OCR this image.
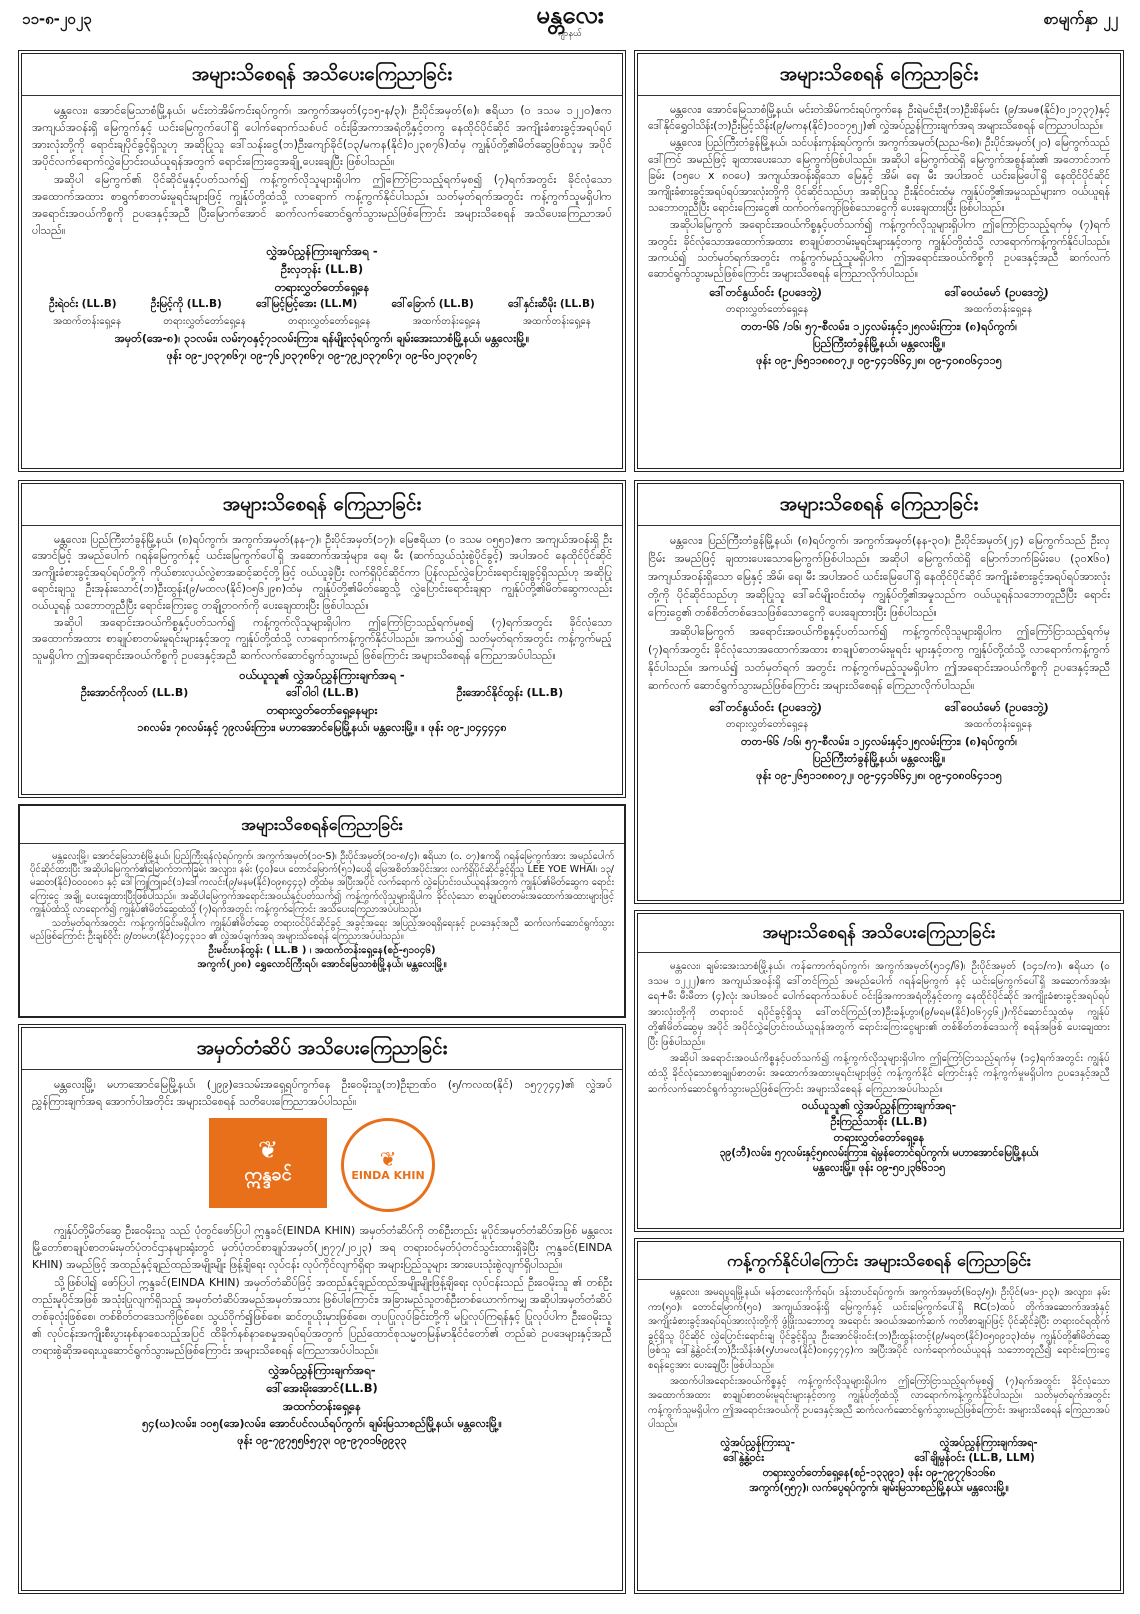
၁၁-၈-၂၀၂၃	မန္တလေး
ဂျာနယ်
စာမျက်နှာ ၂၂
အများသိစေရန် အသိပေးကြေညာခြင်း

မန္တလေး၊ အောင်မြေသာစံမြို့နယ်၊ မင်းတဲအိမ်ကင်းရပ်ကွက်၊ အကွက်အမှတ်(၄၁၅-န/၃)၊ ဦးပိုင်အမှတ်(၈)၊ ဧရိယာ (၀ ဒသမ ၁၂၂၀)ဧက အကျယ်အဝန်းရှိ မြေကွက်နှင့် ယင်းမြေကွက်ပေါ်ရှိ ပေါက်ရောက်သစ်ပင် ဝင်းခြံအကာအရံတို့နှင့်တကွ နေထိုင်ပိုင်ဆိုင် အကျိုးခံစားခွင့်အရပ်ရပ်အားလုံးတို့ကို ရောင်းချပိုင်ခွင့်ရှိသူဟု အဆိုပြုသူ ဒေါ်သန်းငွေ(ဘ)ဦးကျော်ခိုင်(၁၃/မကန(နိုင်)၀၂၃၈၇၆)ထံမှ ကျွန်ုပ်တို့၏မိတ်ဆွေဖြစ်သူမှ အပိုင် အပိုင်လက်ရောက်လွှဲပြောင်းဝယ်ယူရန်အတွက် ရောင်းကြေးငွေအချို့ ပေးချေပြီး ဖြစ်ပါသည်။

အဆိုပါ မြေကွက်၏ ပိုင်ဆိုင်မှုနှင့်ပတ်သက်၍ ကန့်ကွက်လိုသူများရှိပါက ဤကြော်ငြာသည့်ရက်မှစ၍ (၇)ရက်အတွင်း ခိုင်လုံသော အထောက်အထား စာရွက်စာတမ်းမူရင်းများဖြင့် ကျွန်ုပ်တို့ထံသို့ လာရောက် ကန့်ကွက်နိုင်ပါသည်။ သတ်မှတ်ရက်အတွင်း ကန့်ကွက်သူမရှိပါက အရောင်းအဝယ်ကိစ္စကို ဥပဒေနှင့်အညီ ပြီးမြောက်အောင် ဆက်လက်ဆောင်ရွက်သွားမည်ဖြစ်ကြောင်း အများသိစေရန် အသိပေးကြေညာအပ်ပါသည်။

လွှဲအပ်ညွှန်ကြားချက်အရ -
ဦးလှဘုန်း (LL.B)
တရားလွှတ်တော်ရှေ့နေ
ဦးရဲဝင်း (LL.B)	ဦးမြင့်ကို (LL.B)	ဒေါ်မြင့်မြင့်အေး (LL.M)	ဒေါ်ခြောက် (LL.B)	ဒေါ်နှင်းဆီမိုး (LL.B)
အထက်တန်းရှေ့နေ	တရားလွှတ်တော်ရှေ့နေ	တရားလွှတ်တော်ရှေ့နေ	အထက်တန်းရှေ့နေ	အထက်တန်းရှေ့နေ
အမှတ်(အေ-၈)၊ ၃၁လမ်း၊ လမ်း၇၀နှင့်၇၁လမ်းကြား၊ ရန်မျိုးလုံရပ်ကွက်၊ ချမ်းအေးသာစံမြို့နယ်၊ မန္တလေးမြို့။
ဖုန်း ၀၉-၂၀၃၇၈၆၇၊ ၀၉-၇၆၂၀၃၇၈၆၇၊ ၀၉-၇၉၂၀၃၇၈၆၇၊ ၀၉-၆၀၂၀၃၇၈၆၇
အများသိစေရန် ကြေညာခြင်း

မန္တလေး၊ အောင်မြေသာစံမြို့နယ်၊ မင်းတဲအိမ်ကင်းရပ်ကွက်နေ ဦးရဲမင်းဦး(ဘ)ဦးစိန်မင်း (၉/အမဇ(နိုင်)၀၂၁၇၃၇)နှင့် ဒေါ်နိုင်ရွှေဝါသိန်း(ဘ)ဦးမြင့်သိန်း(၉/မကန(နိုင်)၁၀၁၇၅၂)၏ လွှဲအပ်ညွှန်ကြားချက်အရ အများသိစေရန် ကြေညာပါသည်။

မန္တလေး၊ ပြည်ကြီးတံခွန်မြို့နယ်၊ သင်ပန်းကုန်းရပ်ကွက်၊ အကွက်အမှတ်(ညည-၆၈)၊ ဦးပိုင်အမှတ်(၂၀) မြေကွက်သည် ဒေါ်ကြင် အမည်ဖြင့် ချထားပေးသော မြေကွက်ဖြစ်ပါသည်။ အဆိုပါ မြေကွက်ထဲရှိ မြေကွက်အစွန်ဆုံး၏ အတောင်ဘက်ခြမ်း (၁၅ပေ x ၈၀ပေ) အကျယ်အဝန်းရှိသော မြေနှင့် အိမ်၊ ရေ၊ မီး အပါအဝင် ယင်းမြေပေါ်ရှိ နေထိုင်ပိုင်ဆိုင် အကျိုးခံစားခွင့်အရပ်ရပ်အားလုံးတို့ကို ပိုင်ဆိုင်သည်ဟု အဆိုပြုသူ ဦးနိုင်ဝင်းထံမှ ကျွန်ုပ်တို့၏အမှုသည်များက ဝယ်ယူရန်သဘောတူညီပြီး ရောင်းကြေးငွေ၏ ထက်ဝက်ကျော်ဖြစ်သောငွေကို ပေးချေထားပြီး ဖြစ်ပါသည်။

အဆိုပါမြေကွက် အရောင်းအဝယ်ကိစ္စနှင့်ပတ်သက်၍ ကန့်ကွက်လိုသူများရှိပါက ဤကြော်ငြာသည့်ရက်မှ (၇)ရက်အတွင်း ခိုင်လုံသောအထောက်အထား စာချုပ်စာတမ်းမူရင်းများနှင့်တကွ ကျွန်ုပ်တို့ထံသို့ လာရောက်ကန့်ကွက်နိုင်ပါသည်။ အကယ်၍ သတ်မှတ်ရက်အတွင်း ကန့်ကွက်မည့်သူမရှိပါက ဤအရောင်းအဝယ်ကိစ္စကို ဥပဒေနှင့်အညီ ဆက်လက်ဆောင်ရွက်သွားမည်ဖြစ်ကြောင်း အများသိစေရန် ကြေညာလိုက်ပါသည်။

ဒေါ်တင်နွယ်ဝင်း (ဥပဒေဘွဲ့)	ဒေါ်ဝေယံမော် (ဥပဒေဘွဲ့)
တရားလွှတ်တော်ရှေ့နေ	အထက်တန်းရှေ့နေ
တတ-၆၆ /၁၆၊ ၅၇-စီလမ်း၊ ၁၂၄လမ်းနှင့်၁၂၅လမ်းကြား၊ (၈)ရပ်ကွက်၊
ပြည်ကြီးတံခွန်မြို့နယ်၊ မန္တလေးမြို့။
ဖုန်း ၀၉-၂၆၅၁၁၈၈၀၇၂၊ ၀၉-၄၄၁၆၆၄၂၈၊ ၀၉-၄၀၈၀၆၄၁၁၅
အများသိစေရန် ကြေညာခြင်း

မန္တလေး၊ ပြည်ကြီးတံခွန်မြို့နယ်၊ (၈)ရပ်ကွက်၊ အကွက်အမှတ်(နန-၇)၊ ဦးပိုင်အမှတ်(၁၇)၊ မြေဧရိယာ (၀ ဒသမ ၀၅၅၁)ဧက အကျယ်အဝန်းရှိ ဦးအောင်မြင့် အမည်ပေါက် ဂရန်မြေကွက်နှင့် ယင်းမြေကွက်ပေါ်ရှိ အဆောက်အအုံများ၊ ရေ၊ မီး (ဆက်သွယ်သုံးစွဲပိုင်ခွင့်) အပါအဝင် နေထိုင်ပိုင်ဆိုင် အကျိုးခံစားခွင့်အရပ်ရပ်တို့ကို ကိုယ်စားလှယ်လွှဲစာအဆင့်ဆင့်တို့ဖြင့် ဝယ်ယူခဲ့ပြီး လက်ရှိပိုင်ဆိုင်ကာ ပြန်လည်လွှဲပြောင်းရောင်းချခွင့်ရှိသည်ဟု အဆိုပြု ရောင်းချသူ ဦးအုန်းသောင်(ဘ)ဦးထွန်း(၉/မထလ(နိုင်)၀၅၆၂၉၈)ထံမှ ကျွန်ုပ်တို့၏မိတ်ဆွေသို့ လွှဲပြောင်းရောင်းချရာ ကျွန်ုပ်တို့၏မိတ်ဆွေကလည်း ဝယ်ယူရန် သဘောတူညီပြီး ရောင်းကြေးငွေ တချို့တဝက်ကို ပေးချေထားပြီး ဖြစ်ပါသည်။

အဆိုပါ အရောင်းအဝယ်ကိစ္စနှင့်ပတ်သက်၍ ကန့်ကွက်လိုသူများရှိပါက ဤကြော်ငြာသည့်ရက်မှစ၍ (၇)ရက်အတွင်း ခိုင်လုံသော အထောက်အထား စာချုပ်စာတမ်းမူရင်းများနှင့်အတူ ကျွန်ုပ်တို့ထံသို့ လာရောက်ကန့်ကွက်နိုင်ပါသည်။ အကယ်၍ သတ်မှတ်ရက်အတွင်း ကန့်ကွက်မည့်သူမရှိပါက ဤအရောင်းအဝယ်ကိစ္စကို ဥပဒေနှင့်အညီ ဆက်လက်ဆောင်ရွက်သွားမည် ဖြစ်ကြောင်း အများသိစေရန် ကြေညာအပ်ပါသည်။

ဝယ်ယူသူ၏ လွှဲအပ်ညွှန်ကြားချက်အရ -
ဦးအောင်ကိုလတ် (LL.B)	ဒေါ်ဝါဝါ (LL.B)	ဦးအောင်နိုင်ထွန်း (LL.B)
တရားလွှတ်တော်ရှေ့နေများ
၁၈လမ်း၊ ၇၈လမ်းနှင့် ၇၉လမ်းကြား၊ မဟာအောင်မြေမြို့နယ်၊ မန္တလေးမြို့။ ။ ဖုန်း ၀၉-၂၀၄၄၄၄၈
အများသိစေရန်ကြေညာခြင်း

မန္တလေးမြို့၊ အောင်မြေသာစံမြို့နယ်၊ ပြည်ကြီးရန်လုံရပ်ကွက်၊ အကွက်အမှတ်(၁၀-S)၊ ဦးပိုင်အမှတ်(၁၀-၈/၄)၊ ဧရိယာ (၀. ၀၇)ဧကရှိ ဂရန်မြေကွက်အား အမည်ပေါက်ပိုင်ဆိုင်ထားပြီး အဆိုပါမြေကွက်၏မြောက်ဘက်ခြမ်း အလျား၊ နမ်း (၄၀)ပေ၊ တောင်မြောက်(၅၁)ပေရှိ မြေအစိတ်အပိုင်းအား လက်ရှိပိုင်ဆိုင်ခွင့်ရှိသူ LEE YOE WHAI၊ ၁၃/မဆတ(နိုင်)၀၀၀၀၈၁ နှင့် ဒေါ်ကြူကြူခင်(၁)ဒေါ်ကလင်း(၉/မနမ(နိုင်)၀၉၈၄၄၃) တို့ထံမှ အပြီးအပိုင် လက်ရောက် လွှဲပြောင်းဝယ်ယူရန်အတွက် ကျွန်ုပ်၏မိတ်ဆွေက ရောင်းကြေးငွေ အချို့ ပေးချေထားပြီးဖြစ်ပါသည်။ အဆိုပါမြေကွက်အရောင်းအဝယ်နှင့်ပတ်သက်၍ ကန့်ကွက်လိုသူများရှိပါက ခိုင်လုံသော စာချုပ်စာတမ်းအထောက်အထားများဖြင့် ကျွန်ုပ်ထံသို့ လာရောက်၍ ကျွန်ုပ်၏မိတ်ဆွေထံသို့ (၇)ရက်အတွင်း ကန့်ကွက်ကြောင်း အသိပေးကြေညာအပ်ပါသည်။

သတ်မှတ်ရက်အတွင်း ကန့်ကွက်ခြင်းမရှိပါက ကျွန်ုပ်၏မိတ်ဆွေ တရားဝင်ပိုင်ဆိုင်ခွင့် အခွင့်အရေး အပြည့်အဝရရှိရေးနှင့် ဥပဒေနှင့်အညီ ဆက်လက်ဆောင်ရွက်သွားမည်ဖြစ်ကြောင်း ဦးချစ်ဝိုင်း ၉/တမဟ(နိုင်)၀၄၄၃၁၁ ၏ လွှဲအပ်ချက်အရ အများသိစေရန် ကြေညာအပ်ပါသည်။

ဦးမင်းဟန်ထွန်း ( LL.B ) ၊ အထက်တန်းရှေ့နေ(စဉ်-၅၁၀၄၆)
အကွက်(၂၀၈) ရွှေလောင်ကြီးရပ်၊ အောင်မြေသာစံမြို့နယ်၊ မန္တလေးမြို့။
အမှတ်တံဆိပ် အသိပေးကြေညာခြင်း

မန္တလေးမြို့၊ မဟာအောင်မြေမြို့နယ်၊ (၂၉၉)ဒေသမ်းအရှေ့ရပ်ကွက်နေ ဦးဝေမိုးသူ(ဘ)ဦးဉာဏ်ဝ (၅/ကလထ(နိုင်) ၁၅၇၇၄၄)၏ လွှဲအပ်ညွှန်ကြားချက်အရ အောက်ပါအတိုင်း အများသိစေရန် သတိပေးကြေညာအပ်ပါသည်။

❦
ဣန္ဒခင်
❦
EINDA KHIN

ကျွန်ုပ်တို့မိတ်ဆွေ ဦးဝေမိုးသူ သည် ပုံတွင်ဖော်ပြပါ ဣန္ဒခင်(EINDA KHIN) အမှတ်တံဆိပ်ကို တစ်ဦးတည်း မူပိုင်အမှတ်တံဆိပ်အဖြစ် မန္တလေးမြို့တော်စာချုပ်စာတမ်းမှတ်ပုံတင်ဌာနများရုံးတွင် မှတ်ပုံတင်စာချုပ်အမှတ်(၂၅၇၇/၂၀၂၃) အရ တရားဝင်မှတ်ပုံတင်သွင်းထားရှိခဲ့ပြီး ဣန္ဒခင်(EINDA KHIN) အမည်ဖြင့် အထည်နှင့်ချည်ထည်အမျိုးမျိုး ဖြန့်ချိရေး လုပ်ငန်း လုပ်ကိုင်လျက်ရှိရာ အများပြည်သူများ အားပေးသုံးစွဲလျက်ရှိပါသည်။

သို့ဖြစ်ပါ၍ ဖော်ပြပါ ဣန္ဒခင်(EINDA KHIN) အမှတ်တံဆိပ်ဖြင့် အထည်နှင့်ချည်ထည်အမျိုးမျိုးဖြန့်ချိရေး လုပ်ငန်းသည် ဦးဝေမိုးသူ ၏ တစ်ဦးတည်းမူပိုင်အဖြစ် အသုံးပြုလျက်ရှိသည့် အမှတ်တံဆိပ်အမည်အမှတ်အသား ဖြစ်ပါကြောင်း၊ အခြားမည်သူတစ်ဦးတစ်ယောက်ကမျှ အဆိုပါအမှတ်တံဆိပ်တစ်ခုလုံးဖြစ်စေ၊ တစ်စိတ်တဒေသကိုဖြစ်စေ၊ သွယ်ဝိုက်၍ဖြစ်စေ၊ ဆင်တူယိုးမှားဖြစ်စေ၊ တုပပြုလုပ်ခြင်းတို့ကို မပြုလုပ်ကြရန်နှင့် ပြုလုပ်ပါက ဦးဝေမိုးသူ ၏ လုပ်ငန်းအကျိုးစီးပွားနစ်နာစေသည့်အပြင် ထိခိုက်နစ်နာစေမှုအရပ်ရပ်အတွက် ပြည်ထောင်စုသမ္မတမြန်မာနိုင်ငံတော်၏ တည်ဆဲ ဥပဒေများနှင့်အညီ တရားစွဲဆိုအရေးယူဆောင်ရွက်သွားမည်ဖြစ်ကြောင်း အများသိစေရန် ကြေညာအပ်ပါသည်။

လွှဲအပ်ညွှန်ကြားချက်အရ-
ဒေါ်အေးမိုးအောင်(LL.B)
အထက်တန်းရှေ့နေ
၅၄(ဃ)လမ်း၊ ၁၀၅(အေ)လမ်း၊ အောင်ပင်လယ်ရပ်ကွက်၊ ချမ်းမြသာစည်မြို့နယ်၊ မန္တလေးမြို့။
ဖုန်း ၀၉-၇၉၇၅၅၆၅၇၃၊ ၀၉-၉၇၀၁၆၉၉၃၃
အများသိစေရန် ကြေညာခြင်း

မန္တလေး၊ ပြည်ကြီးတံခွန်မြို့နယ်၊ (၈)ရပ်ကွက်၊ အကွက်အမှတ်(နန-၃၀)၊ ဦးပိုင်အမှတ်(၂၄) မြေကွက်သည် ဦးလှငြိမ်း အမည်ဖြင့် ချထားပေးသောမြေကွက်ဖြစ်ပါသည်။ အဆိုပါ မြေကွက်ထဲရှိ မြောက်ဘက်ခြမ်းပေ (၃၀x၆၀) အကျယ်အဝန်းရှိသော မြေနှင့် အိမ်၊ ရေ၊ မီး အပါအဝင် ယင်းမြေပေါ်ရှိ နေထိုင်ပိုင်ဆိုင် အကျိုးခံစားခွင့်အရပ်ရပ်အားလုံးတို့ကို ပိုင်ဆိုင်သည်ဟု အဆိုပြုသူ ဒေါ်ခင်မျိုးဝင်းထံမှ ကျွန်ုပ်တို့၏အမှုသည်က ဝယ်ယူရန်သဘောတူညီပြီး ရောင်းကြေးငွေ၏ တစ်စိတ်တစ်ဒေသဖြစ်သောငွေကို ပေးချေထားပြီး ဖြစ်ပါသည်။

အဆိုပါမြေကွက် အရောင်းအဝယ်ကိစ္စနှင့်ပတ်သက်၍ ကန့်ကွက်လိုသူများရှိပါက ဤကြော်ငြာသည့်ရက်မှ (၇)ရက်အတွင်း ခိုင်လုံသောအထောက်အထား စာချုပ်စာတမ်းမူရင်း များနှင့်တကွ ကျွန်ုပ်တို့ထံသို့ လာရောက်ကန့်ကွက်နိုင်ပါသည်။ အကယ်၍ သတ်မှတ်ရက် အတွင်း ကန့်ကွက်မည့်သူမရှိပါက ဤအရောင်းအဝယ်ကိစ္စကို ဥပဒေနှင့်အညီ ဆက်လက် ဆောင်ရွက်သွားမည်ဖြစ်ကြောင်း အများသိစေရန် ကြေညာလိုက်ပါသည်။

ဒေါ်တင်နွယ်ဝင်း (ဥပဒေဘွဲ့)	ဒေါ်ဝေယံမော် (ဥပဒေဘွဲ့)
တရားလွှတ်တော်ရှေ့နေ	အထက်တန်းရှေ့နေ
တတ-၆၆ /၁၆၊ ၅၇-စီလမ်း၊ ၁၂၄လမ်းနှင့်၁၂၅လမ်းကြား၊ (၈)ရပ်ကွက်၊
ပြည်ကြီးတံခွန်မြို့နယ်၊ မန္တလေးမြို့။
ဖုန်း ၀၉-၂၆၅၁၁၈၈၀၇၂၊ ၀၉-၄၄၁၆၆၄၂၈၊ ၀၉-၄၀၈၀၆၄၁၁၅
အများသိစေရန် အသိပေးကြေညာခြင်း

မန္တလေး၊ ချမ်းအေးသာစံမြို့နယ်၊ ကန်ကောက်ရပ်ကွက်၊ အကွက်အမှတ်(၅၁၄/၆)၊ ဦးပိုင်အမှတ် (၁၄၁/က)၊ ဧရိယာ (၀ ဒသမ ၁၂၂၂)ဧက အကျယ်အဝန်းရှိ ဒေါ်တင်ကြည် အမည်ပေါက် ဂရန်မြေကွက် နှင့် ယင်းမြေကွက်ပေါ်ရှိ အဆောက်အအုံ၊ ရေ+မီး မီးမီတာ (၄)လုံး အပါအဝင် ပေါက်ရောက်သစ်ပင် ဝင်းခြံအကာအရံတို့နှင့်တကွ နေထိုင်ပိုင်ဆိုင် အကျိုးခံစားခွင့်အရပ်ရပ်အားလုံးတို့ကို တရားဝင် ရပိုင်ခွင့်ရှိသူ ဒေါ်တင်ကြည်(ဘ)ဦးခန့်ဟွာ၊(၉/မရမ(နိုင်)၀၆၇၄၆၂)ကိုင်ဆောင်သူထံမှ ကျွန်ုပ်တို့၏မိတ်ဆွေမှ အပိုင် အပိုင်လွှဲပြောင်းဝယ်ယူရန်အတွက် ရောင်းကြေးငွေများ၏ တစ်စိတ်တစ်ဒေသကို စရန်အဖြစ် ပေးချေထားပြီး ဖြစ်ပါသည်။

အဆိုပါ အရောင်းအဝယ်ကိစ္စနှင့်ပတ်သက်၍ ကန့်ကွက်လိုသူများရှိပါက ဤကြော်ငြာသည့်ရက်မှ (၁၄)ရက်အတွင်း ကျွန်ုပ်ထံသို့ ခိုင်လုံသောစာချုပ်စာတမ်း အထောက်အထားမူရင်းများဖြင့် ကန့်ကွက်နိုင် ကြောင်းနှင့် ကန့်ကွက်မှုမရှိပါက ဥပဒေနှင့်အညီ ဆက်လက်ဆောင်ရွက်သွားမည်ဖြစ်ကြောင်း အများသိစေရန် ကြေညာအပ်ပါသည်။

ဝယ်ယူသူ၏ လွှဲအပ်ညွှန်ကြားချက်အရ-
ဦးကြည်သာစိုး (LL.B)
တရားလွှတ်တော်ရှေ့နေ
၃၉(ဘီ)လမ်း၊ ၅၇လမ်းနှင့်၅၈လမ်းကြား၊ ရဲမွန်တောင်ရပ်ကွက်၊ မဟာအောင်မြေမြို့နယ်၊
မန္တလေးမြို့။ ဖုန်း ၀၉-၅၀၂၃၆၆၁၁၅
ကန့်ကွက်နိုင်ပါကြောင်း အများသိစေရန် ကြေညာခြင်း

မန္တလေး၊ အမရပူရမြို့နယ်၊ မန်တလေးကိုက်ရပ်၊ ဒန်းတပင်ရပ်ကွက်၊ အကွက်အမှတ်(၆၀၃/၅)၊ ဦးပိုင်(မဒ-၂၀၃)၊ အလျား၊ နမ်းကာ(၅၀)၊ တောင်မြောက်(၅၀) အကျယ်အဝန်းရှိ မြေကွက်နှင့် ယင်းမြေကွက်ပေါ်ရှိ RC(၁)ထပ် တိုက်အဆောက်အအုံနှင့် အကျိုးခံစားခွင့်အရပ်ရပ်အားလုံးတို့ကို ဖွံဖြိုးသဘောတူ အရောင်း အဝယ်အဆက်ဆက် ကတိစာချုပ်ဖြင့် ပိုင်ဆိုင်ခဲ့ပြီး တရားဝင်ရထိုက်ခွင့်ရှိသူ ပိုင်ဆိုင် လွှဲပြောင်းရောင်းချ ပိုင်ခွင့်ရှိသူ ဦးအောင်မိုးဝင်း(ဘ)ဦးထွန်းတင့်(၉/မရတ(နိုင်)၀၅၀၉၁၃)ထံမှ ကျွန်ုပ်တို့၏မိတ်ဆွေဖြစ်သူ ဒေါ်နွဲ့နွဲ့ဝင်း(ဘ)ဦးသိန်းဇံ(၅/ဟမလ(နိုင်)၀၈၄၄၇၄)က အပြီးအပိုင် လက်ရောက်ဝယ်ယူရန် သဘောတူညီ၍ ရောင်းကြေးငွေ စရန်ငွေအား ပေးချေပြီး ဖြစ်ပါသည်။

အထက်ပါအရောင်းအဝယ်ကိစ္စနှင့် ကန့်ကွက်လိုသူများရှိပါက ဤကြော်ငြာသည့်ရက်မှစ၍ (၇)ရက်အတွင်း ခိုင်လုံသောအထောက်အထား စာချုပ်စာတမ်းမူရင်းများနှင့်တကွ ကျွန်ုပ်တို့ထံသို့ လာရောက်ကန့်ကွက်နိုင်ပါသည်။ သတ်မှတ်ရက်အတွင်း ကန့်ကွက်သူမရှိပါက ဤအရောင်းအဝယ်ကို ဥပဒေနှင့်အညီ ဆက်လက်ဆောင်ရွက်သွားမည်ဖြစ်ကြောင်း အများသိစေရန် ကြေညာအပ်ပါသည်။

လွှဲအပ်ညွှန်ကြားသူ-	လွှဲအပ်ညွှန်ကြားချက်အရ-
ဒေါ်နွဲ့နွဲ့ဝင်း	ဒေါ်ချိုမွန်ဝင်း (LL.B, LLM)
တရားလွှတ်တော်ရှေ့နေ(စဉ်-၁၃၃၉၁) ဖုန်း ၀၉-၇၉၇၇၆၁၁၆၈
အကွက်(၅၅၇)၊ လက်ပွေရပ်ကွက်၊ ချမ်းမြသာစည်မြို့နယ်၊ မန္တလေးမြို့။
